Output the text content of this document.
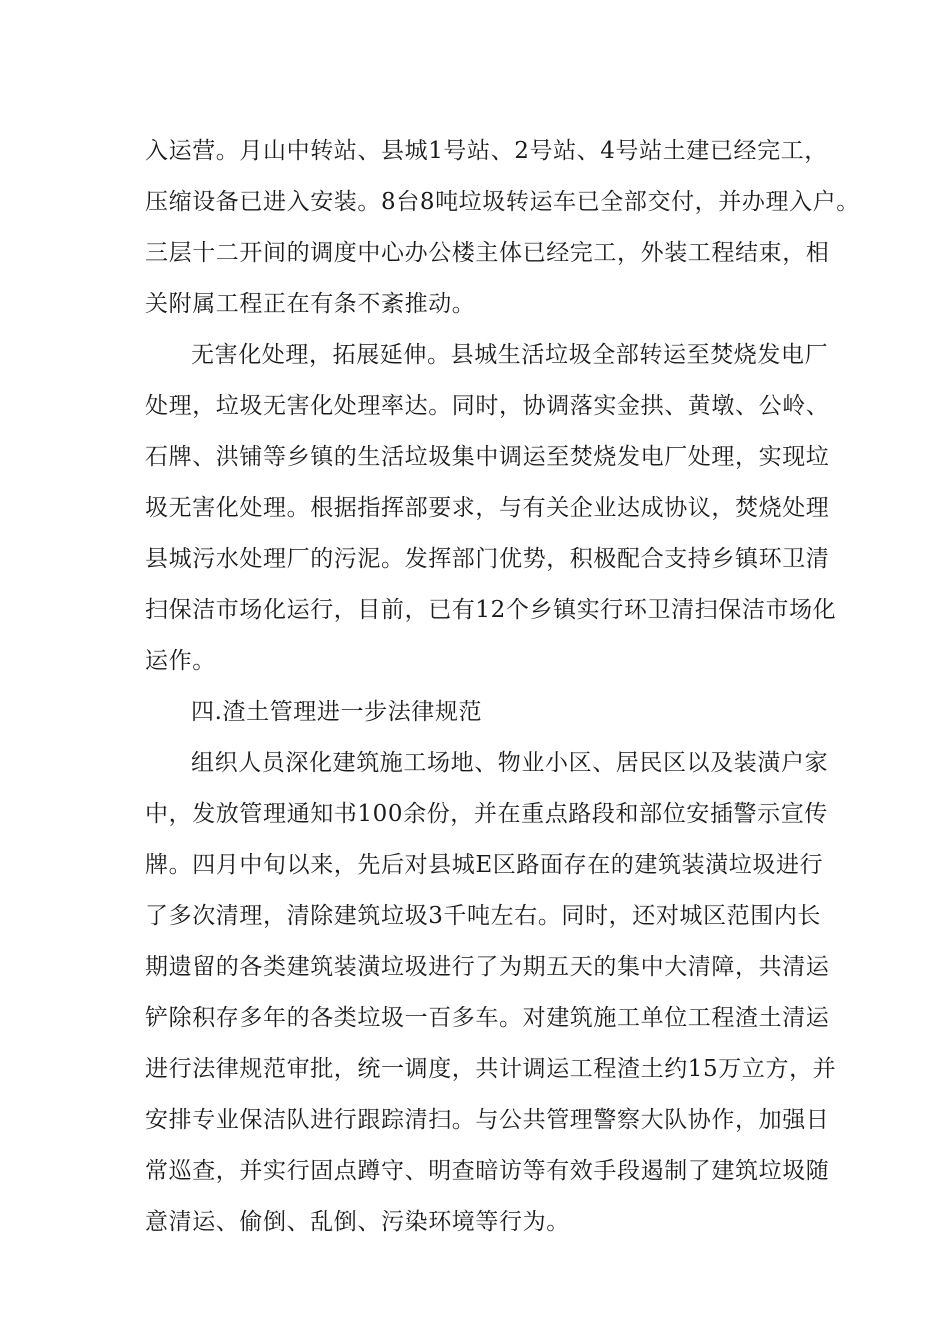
入运营。月山中转站、县城1号站、2号站、4号站土建已经完工，
压缩设备已进入安装。8台8吨垃圾转运车已全部交付，并办理入户。
三层十二开间的调度中心办公楼主体已经完工，外装工程结束，相
关附属工程正在有条不紊推动。
无害化处理，拓展延伸。县城生活垃圾全部转运至焚烧发电厂
处理，垃圾无害化处理率达。同时，协调落实金拱、黄墩、公岭、
石牌、洪铺等乡镇的生活垃圾集中调运至焚烧发电厂处理，实现垃
圾无害化处理。根据指挥部要求，与有关企业达成协议，焚烧处理
县城污水处理厂的污泥。发挥部门优势，积极配合支持乡镇环卫清
扫保洁市场化运行，目前，已有12个乡镇实行环卫清扫保洁市场化
运作。
四.渣土管理进一步法律规范
组织人员深化建筑施工场地、物业小区、居民区以及装潢户家
中，发放管理通知书100余份，并在重点路段和部位安插警示宣传
牌。四月中旬以来，先后对县城E区路面存在的建筑装潢垃圾进行
了多次清理，清除建筑垃圾3千吨左右。同时，还对城区范围内长
期遗留的各类建筑装潢垃圾进行了为期五天的集中大清障，共清运
铲除积存多年的各类垃圾一百多车。对建筑施工单位工程渣土清运
进行法律规范审批，统一调度，共计调运工程渣土约15万立方，并
安排专业保洁队进行跟踪清扫。与公共管理警察大队协作，加强日
常巡查，并实行固点蹲守、明查暗访等有效手段遏制了建筑垃圾随
意清运、偷倒、乱倒、污染环境等行为。
